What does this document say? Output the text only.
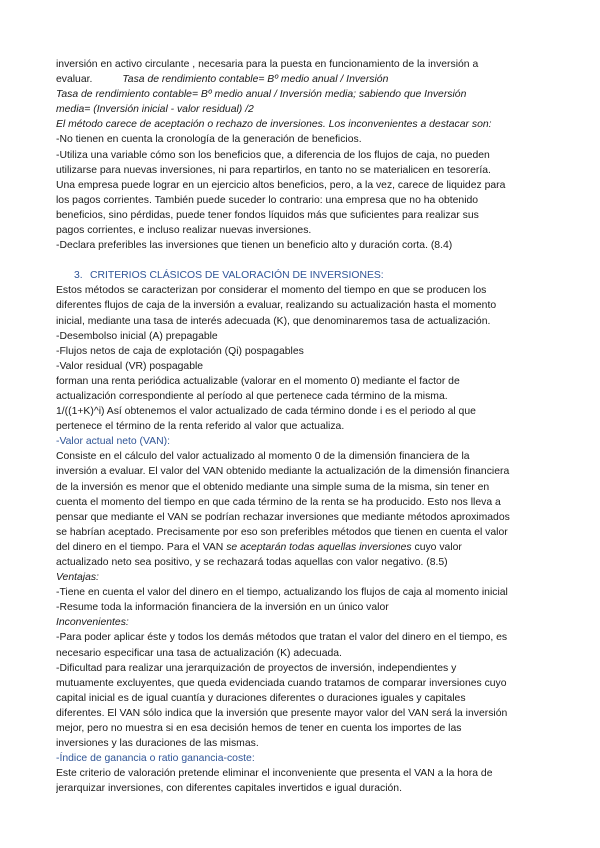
inversión en activo circulante , necesaria para la puesta en funcionamiento de la inversión a
evaluar.	Tasa de rendimiento contable= Bº medio anual / Inversión
Tasa de rendimiento contable= Bº medio anual / Inversión media; sabiendo que Inversión
media= (Inversión inicial - valor residual) /2
El método carece de aceptación o rechazo de inversiones. Los inconvenientes a destacar son:
-No tienen en cuenta la cronología de la generación de beneficios.
-Utiliza una variable cómo son los beneficios que, a diferencia de los flujos de caja, no pueden
utilizarse para nuevas inversiones, ni para repartirlos, en tanto no se materialicen en tesorería.
Una empresa puede lograr en un ejercicio altos beneficios, pero, a la vez, carece de liquidez para
los pagos corrientes. También puede suceder lo contrario: una empresa que no ha obtenido
beneficios, sino pérdidas, puede tener fondos líquidos más que suficientes para realizar sus
pagos corrientes, e incluso realizar nuevas inversiones.
-Declara preferibles las inversiones que tienen un beneficio alto y duración corta. (8.4)
3. CRITERIOS CLÁSICOS DE VALORACIÓN DE INVERSIONES:
Estos métodos se caracterizan por considerar el momento del tiempo en que se producen los
diferentes flujos de caja de la inversión a evaluar, realizando su actualización hasta el momento
inicial, mediante una tasa de interés adecuada (K), que denominaremos tasa de actualización.
-Desembolso inicial (A) prepagable
-Flujos netos de caja de explotación (Qi) pospagables
-Valor residual (VR) pospagable
forman una renta periódica actualizable (valorar en el momento 0) mediante el factor de
actualización correspondiente al período al que pertenece cada término de la misma.
1/((1+K)^i) Así obtenemos el valor actualizado de cada término donde i es el periodo al que
pertenece el término de la renta referido al valor que actualiza.
-Valor actual neto (VAN):
Consiste en el cálculo del valor actualizado al momento 0 de la dimensión financiera de la
inversión a evaluar. El valor del VAN obtenido mediante la actualización de la dimensión financiera
de la inversión es menor que el obtenido mediante una simple suma de la misma, sin tener en
cuenta el momento del tiempo en que cada término de la renta se ha producido. Esto nos lleva a
pensar que mediante el VAN se podrían rechazar inversiones que mediante métodos aproximados
se habrían aceptado. Precisamente por eso son preferibles métodos que tienen en cuenta el valor
del dinero en el tiempo. Para el VAN se aceptarán todas aquellas inversiones cuyo valor
actualizado neto sea positivo, y se rechazará todas aquellas con valor negativo. (8.5)
Ventajas:
-Tiene en cuenta el valor del dinero en el tiempo, actualizando los flujos de caja al momento inicial
-Resume toda la información financiera de la inversión en un único valor
Inconvenientes:
-Para poder aplicar éste y todos los demás métodos que tratan el valor del dinero en el tiempo, es
necesario especificar una tasa de actualización (K) adecuada.
-Dificultad para realizar una jerarquización de proyectos de inversión, independientes y
mutuamente excluyentes, que queda evidenciada cuando tratamos de comparar inversiones cuyo
capital inicial es de igual cuantía y duraciones diferentes o duraciones iguales y capitales
diferentes. El VAN sólo indica que la inversión que presente mayor valor del VAN será la inversión
mejor, pero no muestra si en esa decisión hemos de tener en cuenta los importes de las
inversiones y las duraciones de las mismas.
-Índice de ganancia o ratio ganancia-coste:
Este criterio de valoración pretende eliminar el inconveniente que presenta el VAN a la hora de
jerarquizar inversiones, con diferentes capitales invertidos e igual duración.
